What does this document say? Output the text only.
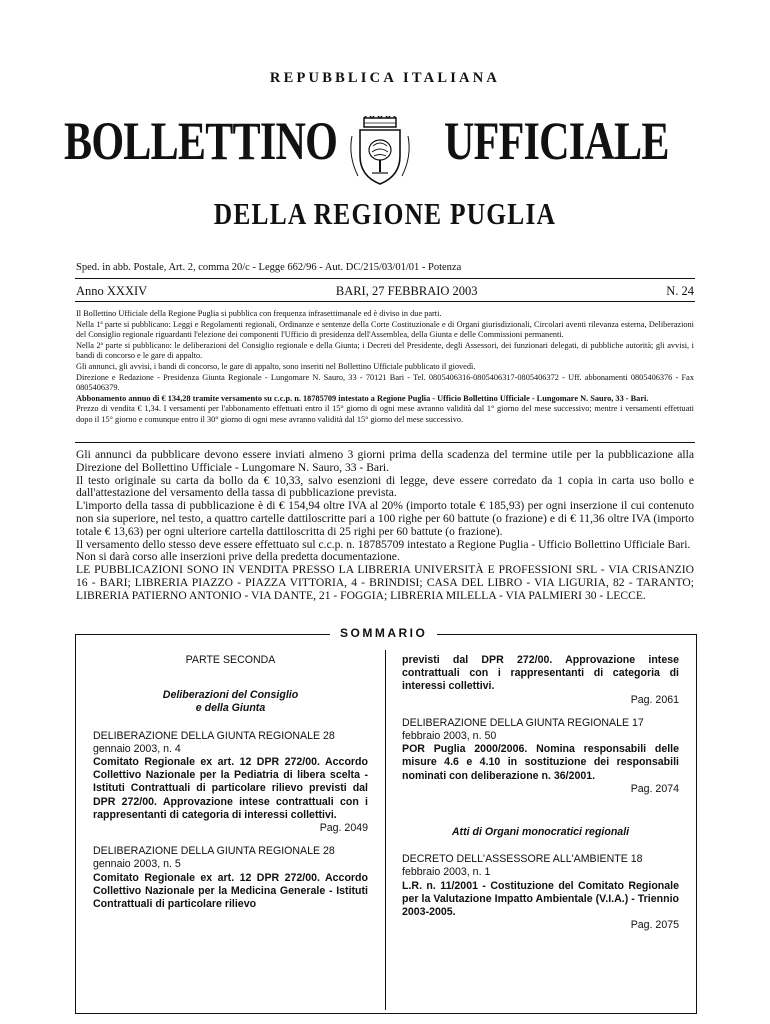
REPUBBLICA ITALIANA
BOLLETTINO UFFICIALE
DELLA REGIONE PUGLIA
Sped. in abb. Postale, Art. 2, comma 20/c - Legge 662/96 - Aut. DC/215/03/01/01 - Potenza
Anno XXXIV	BARI, 27 FEBBRAIO 2003	N. 24

Il Bollettino Ufficiale della Regione Puglia si pubblica con frequenza infrasettimanale ed è diviso in due parti.

Nella 1ª parte si pubblicano: Leggi e Regolamenti regionali, Ordinanze e sentenze della Corte Costituzionale e di Organi giurisdizionali, Circolari aventi rilevanza esterna, Deliberazioni del Consiglio regionale riguardanti l'elezione dei componenti l'Ufficio di presidenza dell'Assemblea, della Giunta e delle Commissioni permanenti.

Nella 2ª parte si pubblicano: le deliberazioni del Consiglio regionale e della Giunta; i Decreti del Presidente, degli Assessori, dei funzionari delegati, di pubbliche autorità; gli avvisi, i bandi di concorso e le gare di appalto.

Gli annunci, gli avvisi, i bandi di concorso, le gare di appalto, sono inseriti nel Bollettino Ufficiale pubblicato il giovedì.

Direzione e Redazione - Presidenza Giunta Regionale - Lungomare N. Sauro, 33 - 70121 Bari - Tel. 0805406316-0805406317-0805406372 - Uff. abbonamenti 0805406376 - Fax 0805406379.

Abbonamento annuo di € 134,28 tramite versamento su c.c.p. n. 18785709 intestato a Regione Puglia - Ufficio Bollettino Ufficiale - Lungomare N. Sauro, 33 - Bari.

Prezzo di vendita € 1,34. I versamenti per l'abbonamento effettuati entro il 15° giorno di ogni mese avranno validità dal 1° giorno del mese successivo; mentre i versamenti effettuati dopo il 15° giorno e comunque entro il 30° giorno di ogni mese avranno validità dal 15° giorno del mese successivo.

Gli annunci da pubblicare devono essere inviati almeno 3 giorni prima della scadenza del termine utile per la pubblicazione alla Direzione del Bollettino Ufficiale - Lungomare N. Sauro, 33 - Bari.

Il testo originale su carta da bollo da € 10,33, salvo esenzioni di legge, deve essere corredato da 1 copia in carta uso bollo e dall'attestazione del versamento della tassa di pubblicazione prevista.

L'importo della tassa di pubblicazione è di € 154,94 oltre IVA al 20% (importo totale € 185,93) per ogni inserzione il cui contenuto non sia superiore, nel testo, a quattro cartelle dattiloscritte pari a 100 righe per 60 battute (o frazione) e di € 11,36 oltre IVA (importo totale € 13,63) per ogni ulteriore cartella dattiloscritta di 25 righi per 60 battute (o frazione).

Il versamento dello stesso deve essere effettuato sul c.c.p. n. 18785709 intestato a Regione Puglia - Ufficio Bollettino Ufficiale Bari.

Non si darà corso alle inserzioni prive della predetta documentazione.

LE PUBBLICAZIONI SONO IN VENDITA PRESSO LA LIBRERIA UNIVERSITÀ E PROFESSIONI SRL - VIA CRISANZIO 16 - BARI; LIBRERIA PIAZZO - PIAZZA VITTORIA, 4 - BRINDISI; CASA DEL LIBRO - VIA LIGURIA, 82 - TARANTO; LIBRERIA PATIERNO ANTONIO - VIA DANTE, 21 - FOGGIA; LIBRERIA MILELLA - VIA PALMIERI 30 - LECCE.

SOMMARIO

PARTE SECONDA

Deliberazioni del Consiglio

e della Giunta

DELIBERAZIONE DELLA GIUNTA REGIONALE 28 gennaio 2003, n. 4

Comitato Regionale ex art. 12 DPR 272/00. Accordo Collettivo Nazionale per la Pediatria di libera scelta - Istituti Contrattuali di particolare rilievo previsti dal DPR 272/00. Approvazione intese contrattuali con i rappresentanti di categoria di interessi collettivi.

Pag. 2049

DELIBERAZIONE DELLA GIUNTA REGIONALE 28 gennaio 2003, n. 5

Comitato Regionale ex art. 12 DPR 272/00. Accordo Collettivo Nazionale per la Medicina Generale - Istituti Contrattuali di particolare rilievo

previsti dal DPR 272/00. Approvazione intese contrattuali con i rappresentanti di categoria di interessi collettivi.

Pag. 2061

DELIBERAZIONE DELLA GIUNTA REGIONALE 17 febbraio 2003, n. 50

POR Puglia 2000/2006. Nomina responsabili delle misure 4.6 e 4.10 in sostituzione dei responsabili nominati con deliberazione n. 36/2001.

Pag. 2074

Atti di Organi monocratici regionali

DECRETO DELL'ASSESSORE ALL'AMBIENTE 18 febbraio 2003, n. 1

L.R. n. 11/2001 - Costituzione del Comitato Regionale per la Valutazione Impatto Ambientale (V.I.A.) - Triennio 2003-2005.

Pag. 2075
